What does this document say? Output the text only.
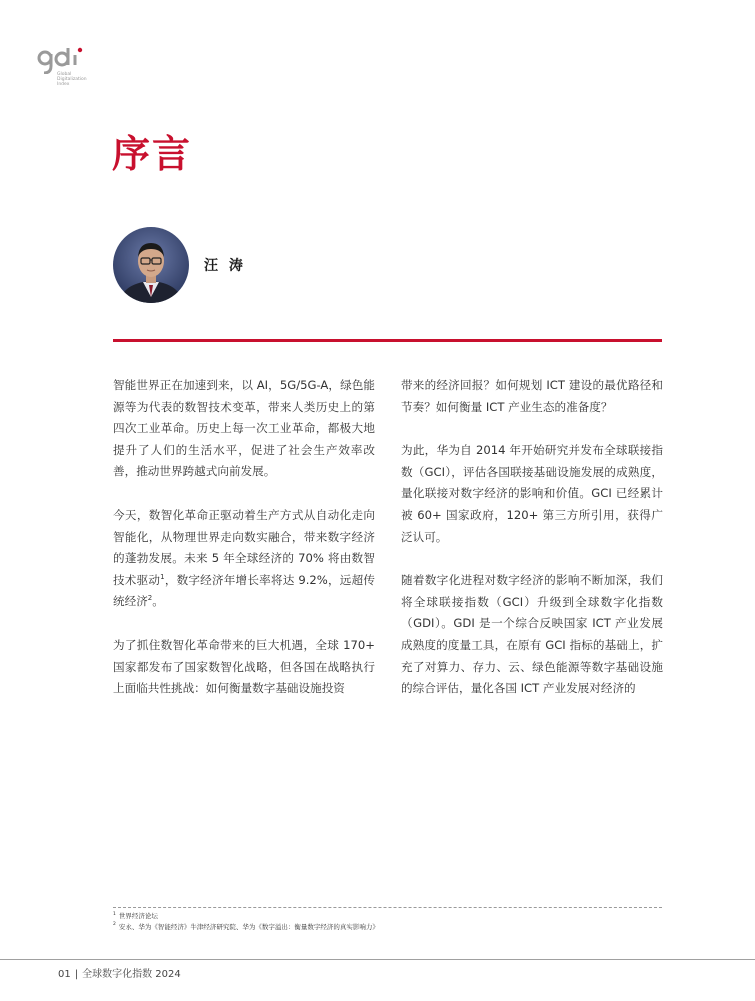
Global
Digitalization
Index
序言
汪 涛

智能世界正在加速到来，以 AI，5G/5G-A，绿色能源等为代表的数智技术变革，带来人类历史上的第四次工业革命。历史上每一次工业革命，都极大地提升了人们的生活水平，促进了社会生产效率改善，推动世界跨越式向前发展。

今天，数智化革命正驱动着生产方式从自动化走向智能化，从物理世界走向数实融合，带来数字经济的蓬勃发展。未来 5 年全球经济的 70% 将由数智技术驱动$^1$，数字经济年增长率将达 9.2%，远超传统经济$^2$。

为了抓住数智化革命带来的巨大机遇，全球 170+ 国家都发布了国家数智化战略，但各国在战略执行上面临共性挑战：如何衡量数字基础设施投资

带来的经济回报？如何规划 ICT 建设的最优路径和节奏？如何衡量 ICT 产业生态的准备度？

为此，华为自 2014 年开始研究并发布全球联接指数（GCI），评估各国联接基础设施发展的成熟度，量化联接对数字经济的影响和价值。GCI 已经累计被 60+ 国家政府，120+ 第三方所引用，获得广泛认可。

随着数字化进程对数字经济的影响不断加深，我们将全球联接指数（GCI）升级到全球数字化指数（GDI）。GDI 是一个综合反映国家 ICT 产业发展成熟度的度量工具，在原有 GCI 指标的基础上，扩充了对算力、存力、云、绿色能源等数字基础设施的综合评估，量化各国 ICT 产业发展对经济的

$^1$ 世界经济论坛
$^2$ 安永、华为《智能经济》牛津经济研究院、华为《数字溢出：衡量数字经济的真实影响力》
01 | 全球数字化指数 2024
